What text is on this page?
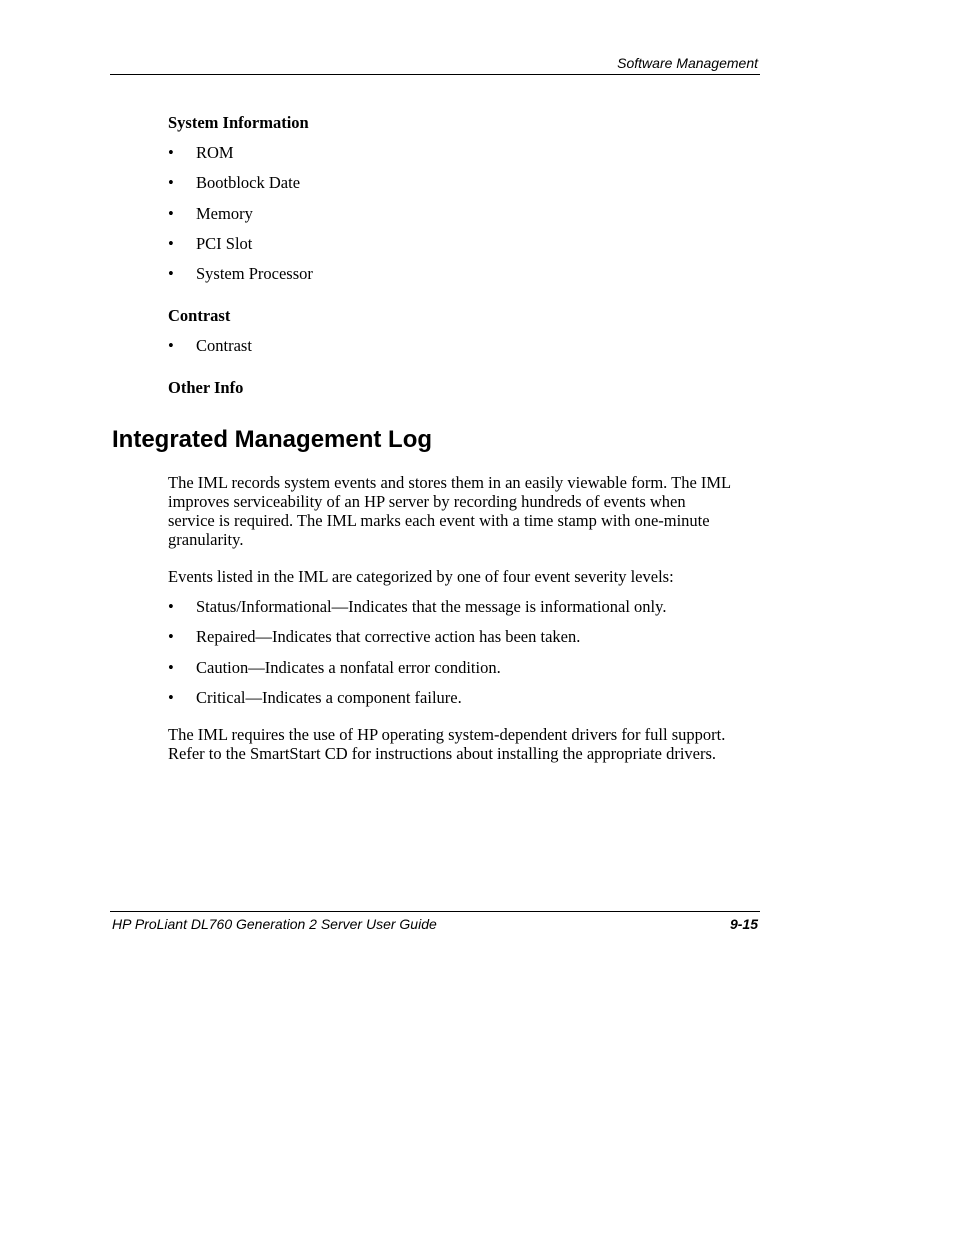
Software Management
System Information
• ROM
• Bootblock Date
• Memory
• PCI Slot
• System Processor
Contrast
• Contrast
Other Info
Integrated Management Log
The IML records system events and stores them in an easily viewable form. The IML
improves serviceability of an HP server by recording hundreds of events when
service is required. The IML marks each event with a time stamp with one-minute
granularity.
Events listed in the IML are categorized by one of four event severity levels:
• Status/Informational—Indicates that the message is informational only.
• Repaired—Indicates that corrective action has been taken.
• Caution—Indicates a nonfatal error condition.
• Critical—Indicates a component failure.
The IML requires the use of HP operating system-dependent drivers for full support.
Refer to the SmartStart CD for instructions about installing the appropriate drivers.
HP ProLiant DL760 Generation 2 Server User Guide	9-15
